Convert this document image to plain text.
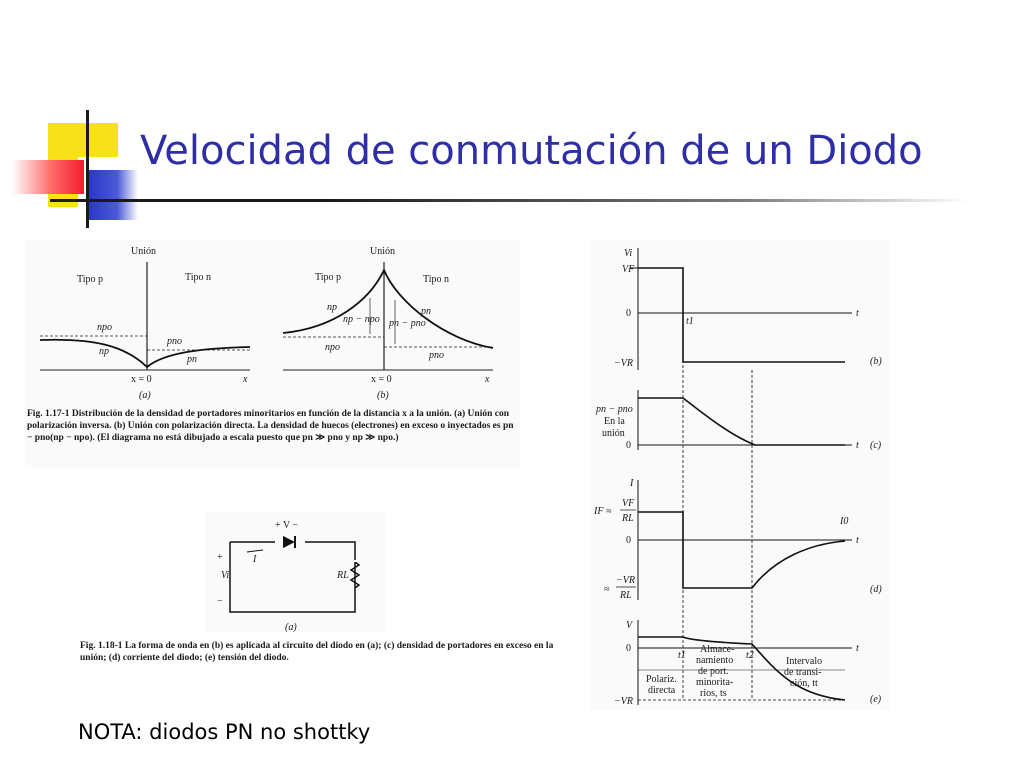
Velocidad de conmutación de un Diodo
Unión
Tipo p	Tipo n
npo
np
pno
pn
x = 0	x
(a)
Unión
Tipo p	Tipo n
np
np − npo pn − pno
pn
npo
pno
x = 0	x
(b)

Fig. 1.17-1 Distribución de la densidad de portadores minoritarios en función de la distancia x a la unión. (a) Unión con polarización inversa. (b) Unión con polarización directa. La densidad de huecos (electrones) en exceso o inyectados es pn − pno(np − npo). (El diagrama no está dibujado a escala puesto que pn ≫ pno y np ≫ npo.)

+ V −
I
+
Vi
−
RL
(a)

Fig. 1.18-1 La forma de onda en (b) es aplicada al circuito del diodo en (a); (c) densidad de portadores en exceso en la unión; (d) corriente del diodo; (e) tensión del diodo.

Vi
VF
0
t1
t
−VR	(b)
pn − pno
En la
unión
0	t (c)
I
IF ≈
VF
RL
0
≈
−VR
RL
I0
t
(d)
V
0
t1	t2
t
−VR
Polariz.
directa
Almace-
namiento
de port.
minorita-
rios, ts
Intervalo
de transi-
ción, tt
(e)
NOTA: diodos PN no shottky
